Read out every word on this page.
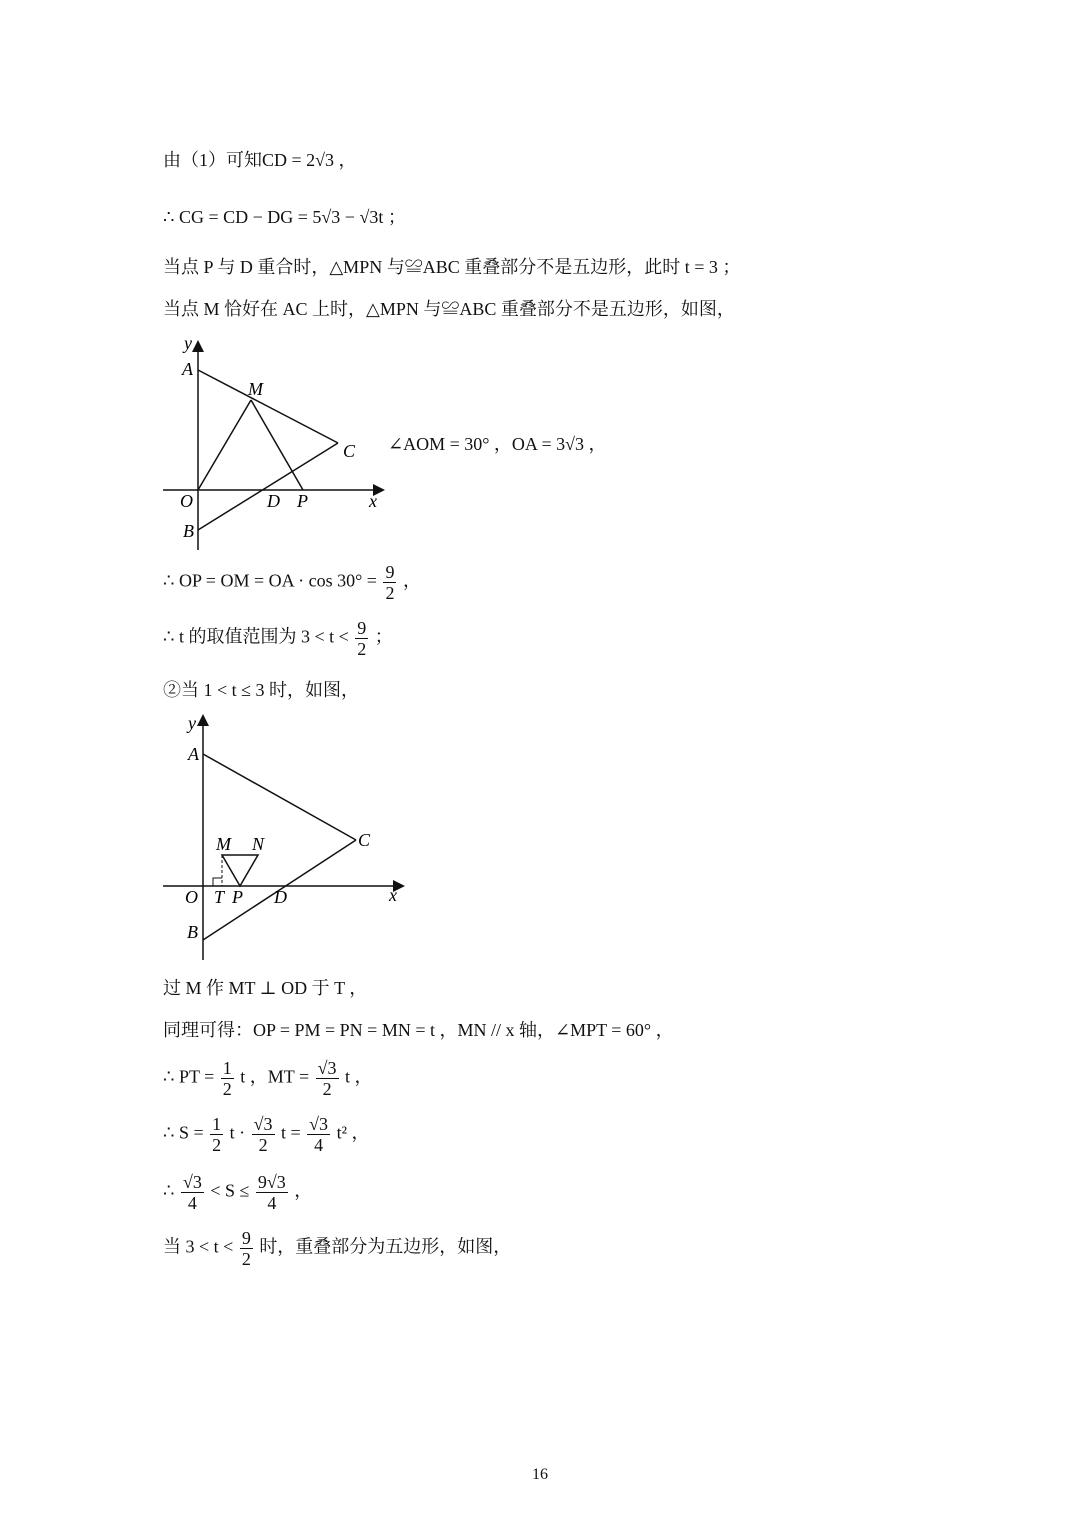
由（1）可知CD = 2√3 ，
∴ CG = CD − DG = 5√3 − √3t ；
当点 P 与 D 重合时，△MPN 与≌ABC 重叠部分不是五边形，此时 t = 3 ；
当点 M 恰好在 AC 上时，△MPN 与≌ABC 重叠部分不是五边形，如图，
y
A
M
C
O	D P	x
B
∠AOM = 30° ，OA = 3√3 ，
∴ OP = OM = OA · $\cos 30^\circ = \frac{9}{2}$ ，
∴ t 的取值范围为 $3 < t < \frac{9}{2}$ ；
②当 1 < t ≤ 3 时，如图，
y
A
M N	C
O T P D	x
B
过 M 作 MT ⊥ OD 于 T ，
同理可得：OP = PM = PN = MN = t ，MN // x 轴，∠MPT = 60° ，
∴ PT = $\frac{1}{2}$ t ，MT = $\frac{√3}{2}$ t ，
∴ $S = \frac{1}{2}$ $t \cdot \frac{√3}{2}$ $t = \frac{√3}{4} t^2$ ，
∴ $\frac{√3}{4} < S \le \frac{9√3}{4}$ ，
当 $3 < t < \frac{9}{2}$ 时，重叠部分为五边形，如图，
16
